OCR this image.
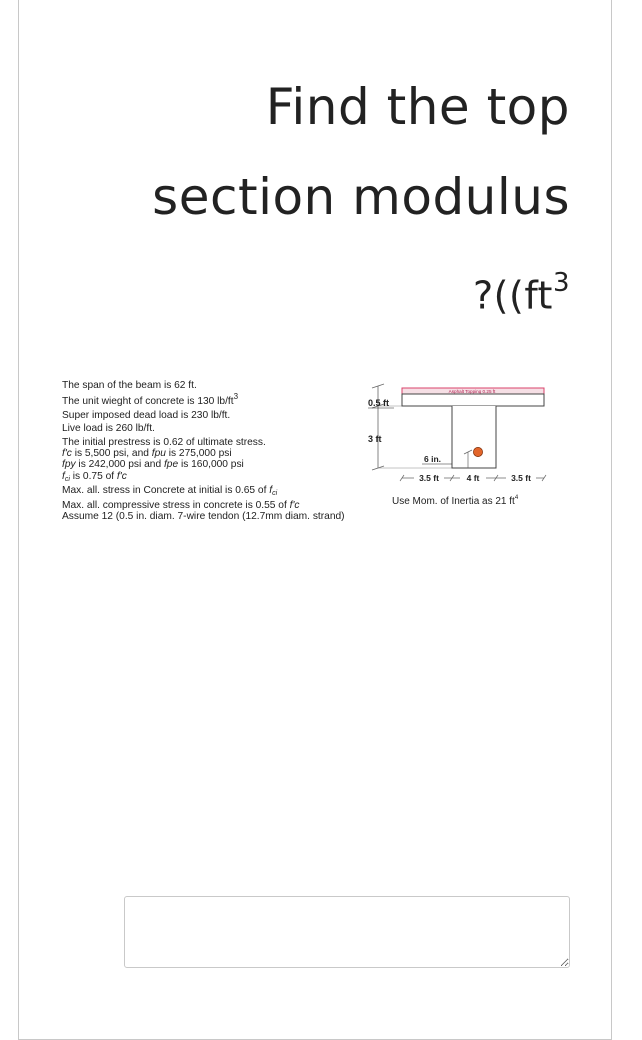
Find the top
section modulus
$?((ft^3$
The span of the beam is 62 ft.
The unit wieght of concrete is 130 $lb/ft^3$
Super imposed dead load is 230 lb/ft.
Live load is 260 lb/ft.
The initial prestress is 0.62 of ultimate stress.
f'c is 5,500 psi, and fpu is 275,000 psi
fpy is 242,000 psi and fpe is 160,000 psi
$f_{ci}$ is 0.75 of f'c
Max. all. stress in Concrete at initial is 0.65 of $f_{ci}$
Max. all. compressive stress in concrete is 0.55 of f'c
Assume 12 (0.5 in. diam. 7-wire tendon (12.7mm diam. strand)
Asphalt Topping 0.25 ft
0.5 ft
3 ft
6 in.
3.5 ft	4 ft	3.5 ft
Use Mom. of Inertia as 21 $ft^4$
